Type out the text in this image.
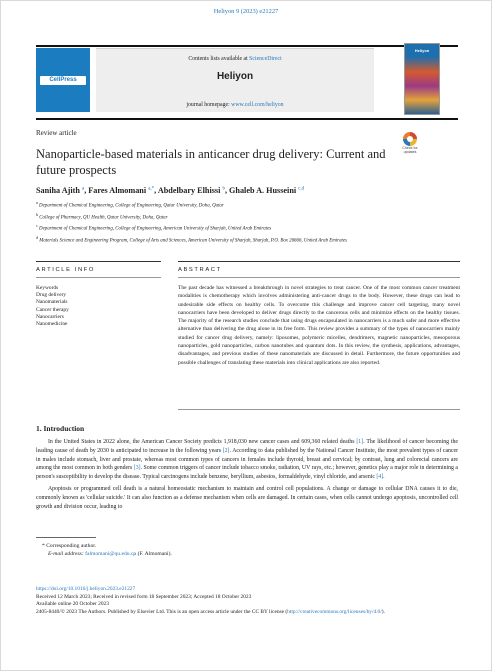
Heliyon 9 (2023) e21227
CellPress
Contents lists available at ScienceDirect
Heliyon
journal homepage: www.cell.com/heliyon
Heliyon
Review article
Check for updates
Nanoparticle-based materials in anticancer drug delivery: Current and future prospects
Saniha Ajith $^a$, Fares Almomani $^{a,*}$, Abdelbary Elhissi $^b$, Ghaleb A. Husseini $^{c,d}$
$^a$ Department of Chemical Engineering, College of Engineering, Qatar University, Doha, Qatar
$^b$ College of Pharmacy, QU Health, Qatar University, Doha, Qatar
$^c$ Department of Chemical Engineering, College of Engineering, American University of Sharjah, United Arab Emirates
$^d$ Materials Science and Engineering Program, College of Arts and Sciences, American University of Sharjah, Sharjah, P.O. Box 26666, United Arab Emirates
ARTICLE INFO	ABSTRACT
Keywords
Drug delivery
Nanomaterials
Cancer therapy
Nanocarriers
Nanomedicine
The past decade has witnessed a breakthrough in novel strategies to treat cancer. One of the most common cancer treatment modalities is chemotherapy which involves administering anti-cancer drugs to the body. However, these drugs can lead to undesirable side effects on healthy cells. To overcome this challenge and improve cancer cell targeting, many novel nanocarriers have been developed to deliver drugs directly to the cancerous cells and minimize effects on the healthy tissues. The majority of the research studies conclude that using drugs encapsulated in nanocarriers is a much safer and more effective alternative than delivering the drug alone in its free form. This review provides a summary of the types of nanocarriers mainly studied for cancer drug delivery, namely: liposomes, polymeric micelles, dendrimers, magnetic nanoparticles, mesoporous nanoparticles, gold nanoparticles, carbon nanotubes and quantum dots. In this review, the synthesis, applications, advantages, disadvantages, and previous studies of these nanomaterials are discussed in detail. Furthermore, the future opportunities and possible challenges of translating these materials into clinical applications are also reported.
1. Introduction

In the United States in 2022 alone, the American Cancer Society predicts 1,918,030 new cancer cases and 609,360 related deaths [1]. The likelihood of cancer becoming the leading cause of death by 2030 is anticipated to increase in the following years [2]. According to data published by the National Cancer Institute, the most prevalent types of cancer in males include stomach, liver and prostate, whereas most common types of cancers in females include thyroid, breast and cervical; by contrast, lung and colorectal cancers are among the most common in both genders [3]. Some common triggers of cancer include tobacco smoke, radiation, UV rays, etc.; however, genetics play a major role in determining a person's susceptibility to develop the disease. Typical carcinogens include benzene, beryllium, asbestos, formaldehyde, vinyl chloride, and arsenic [4].

Apoptosis or programmed cell death is a natural homeostatic mechanism to maintain and control cell populations. A change or damage to cellular DNA causes it to die, commonly known as 'cellular suicide.' It can also function as a defense mechanism when cells are damaged. In certain cases, when cells cannot undergo apoptosis, uncontrolled cell growth and division occur, leading to

* Corresponding author.
E-mail address: falmomani@qu.edu.qa (F. Almomani).
https://doi.org/10.1016/j.heliyon.2023.e21227
Received 12 March 2023; Received in revised form 18 September 2023; Accepted 18 October 2023
Available online 20 October 2023
2405-8440/© 2023 The Authors. Published by Elsevier Ltd. This is an open access article under the CC BY license (http://creativecommons.org/licenses/by/4.0/).
